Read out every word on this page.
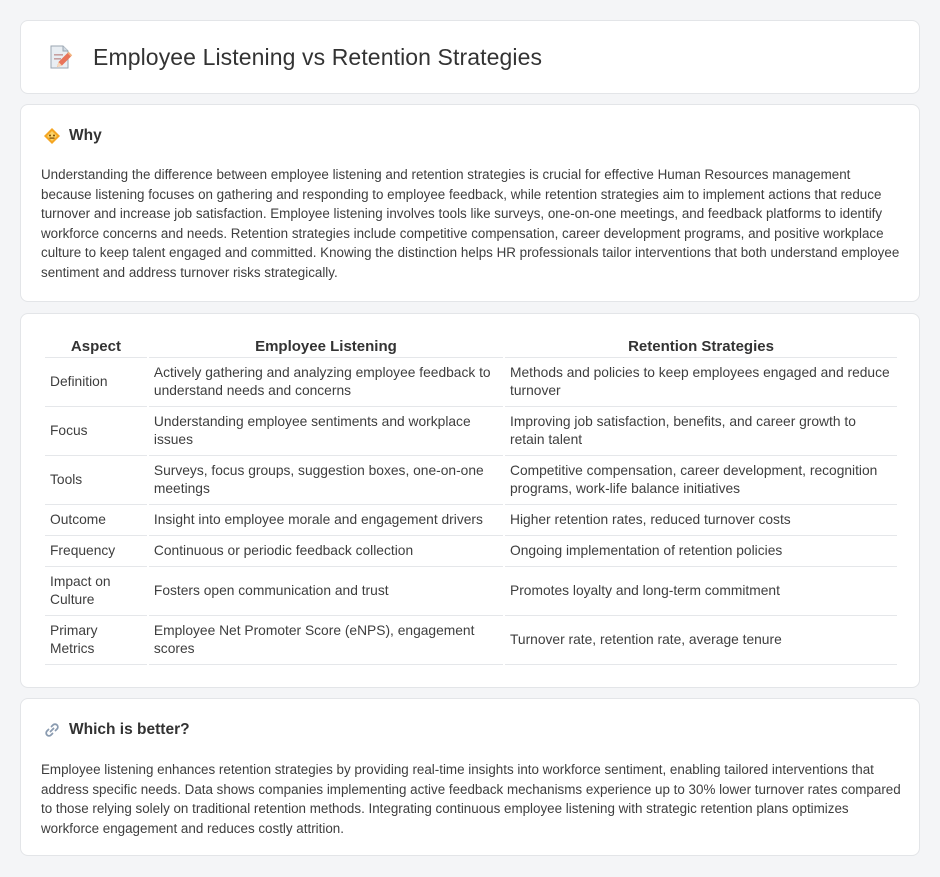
Employee Listening vs Retention Strategies
Why

Understanding the difference between employee listening and retention strategies is crucial for effective Human Resources management because listening focuses on gathering and responding to employee feedback, while retention strategies aim to implement actions that reduce turnover and increase job satisfaction. Employee listening involves tools like surveys, one-on-one meetings, and feedback platforms to identify workforce concerns and needs. Retention strategies include competitive compensation, career development programs, and positive workplace culture to keep talent engaged and committed. Knowing the distinction helps HR professionals tailor interventions that both understand employee sentiment and address turnover risks strategically.

Aspect	Employee Listening	Retention Strategies
Definition	Actively gathering and analyzing employee feedback to understand needs and concerns	Methods and policies to keep employees engaged and reduce turnover
Focus	Understanding employee sentiments and workplace issues	Improving job satisfaction, benefits, and career growth to retain talent
Tools	Surveys, focus groups, suggestion boxes, one-on-one meetings	Competitive compensation, career development, recognition programs, work-life balance initiatives
Outcome	Insight into employee morale and engagement drivers	Higher retention rates, reduced turnover costs
Frequency	Continuous or periodic feedback collection	Ongoing implementation of retention policies
Impact on Culture	Fosters open communication and trust	Promotes loyalty and long-term commitment
Primary Metrics	Employee Net Promoter Score (eNPS), engagement scores	Turnover rate, retention rate, average tenure
Which is better?

Employee listening enhances retention strategies by providing real-time insights into workforce sentiment, enabling tailored interventions that address specific needs. Data shows companies implementing active feedback mechanisms experience up to 30% lower turnover rates compared to those relying solely on traditional retention methods. Integrating continuous employee listening with strategic retention plans optimizes workforce engagement and reduces costly attrition.
